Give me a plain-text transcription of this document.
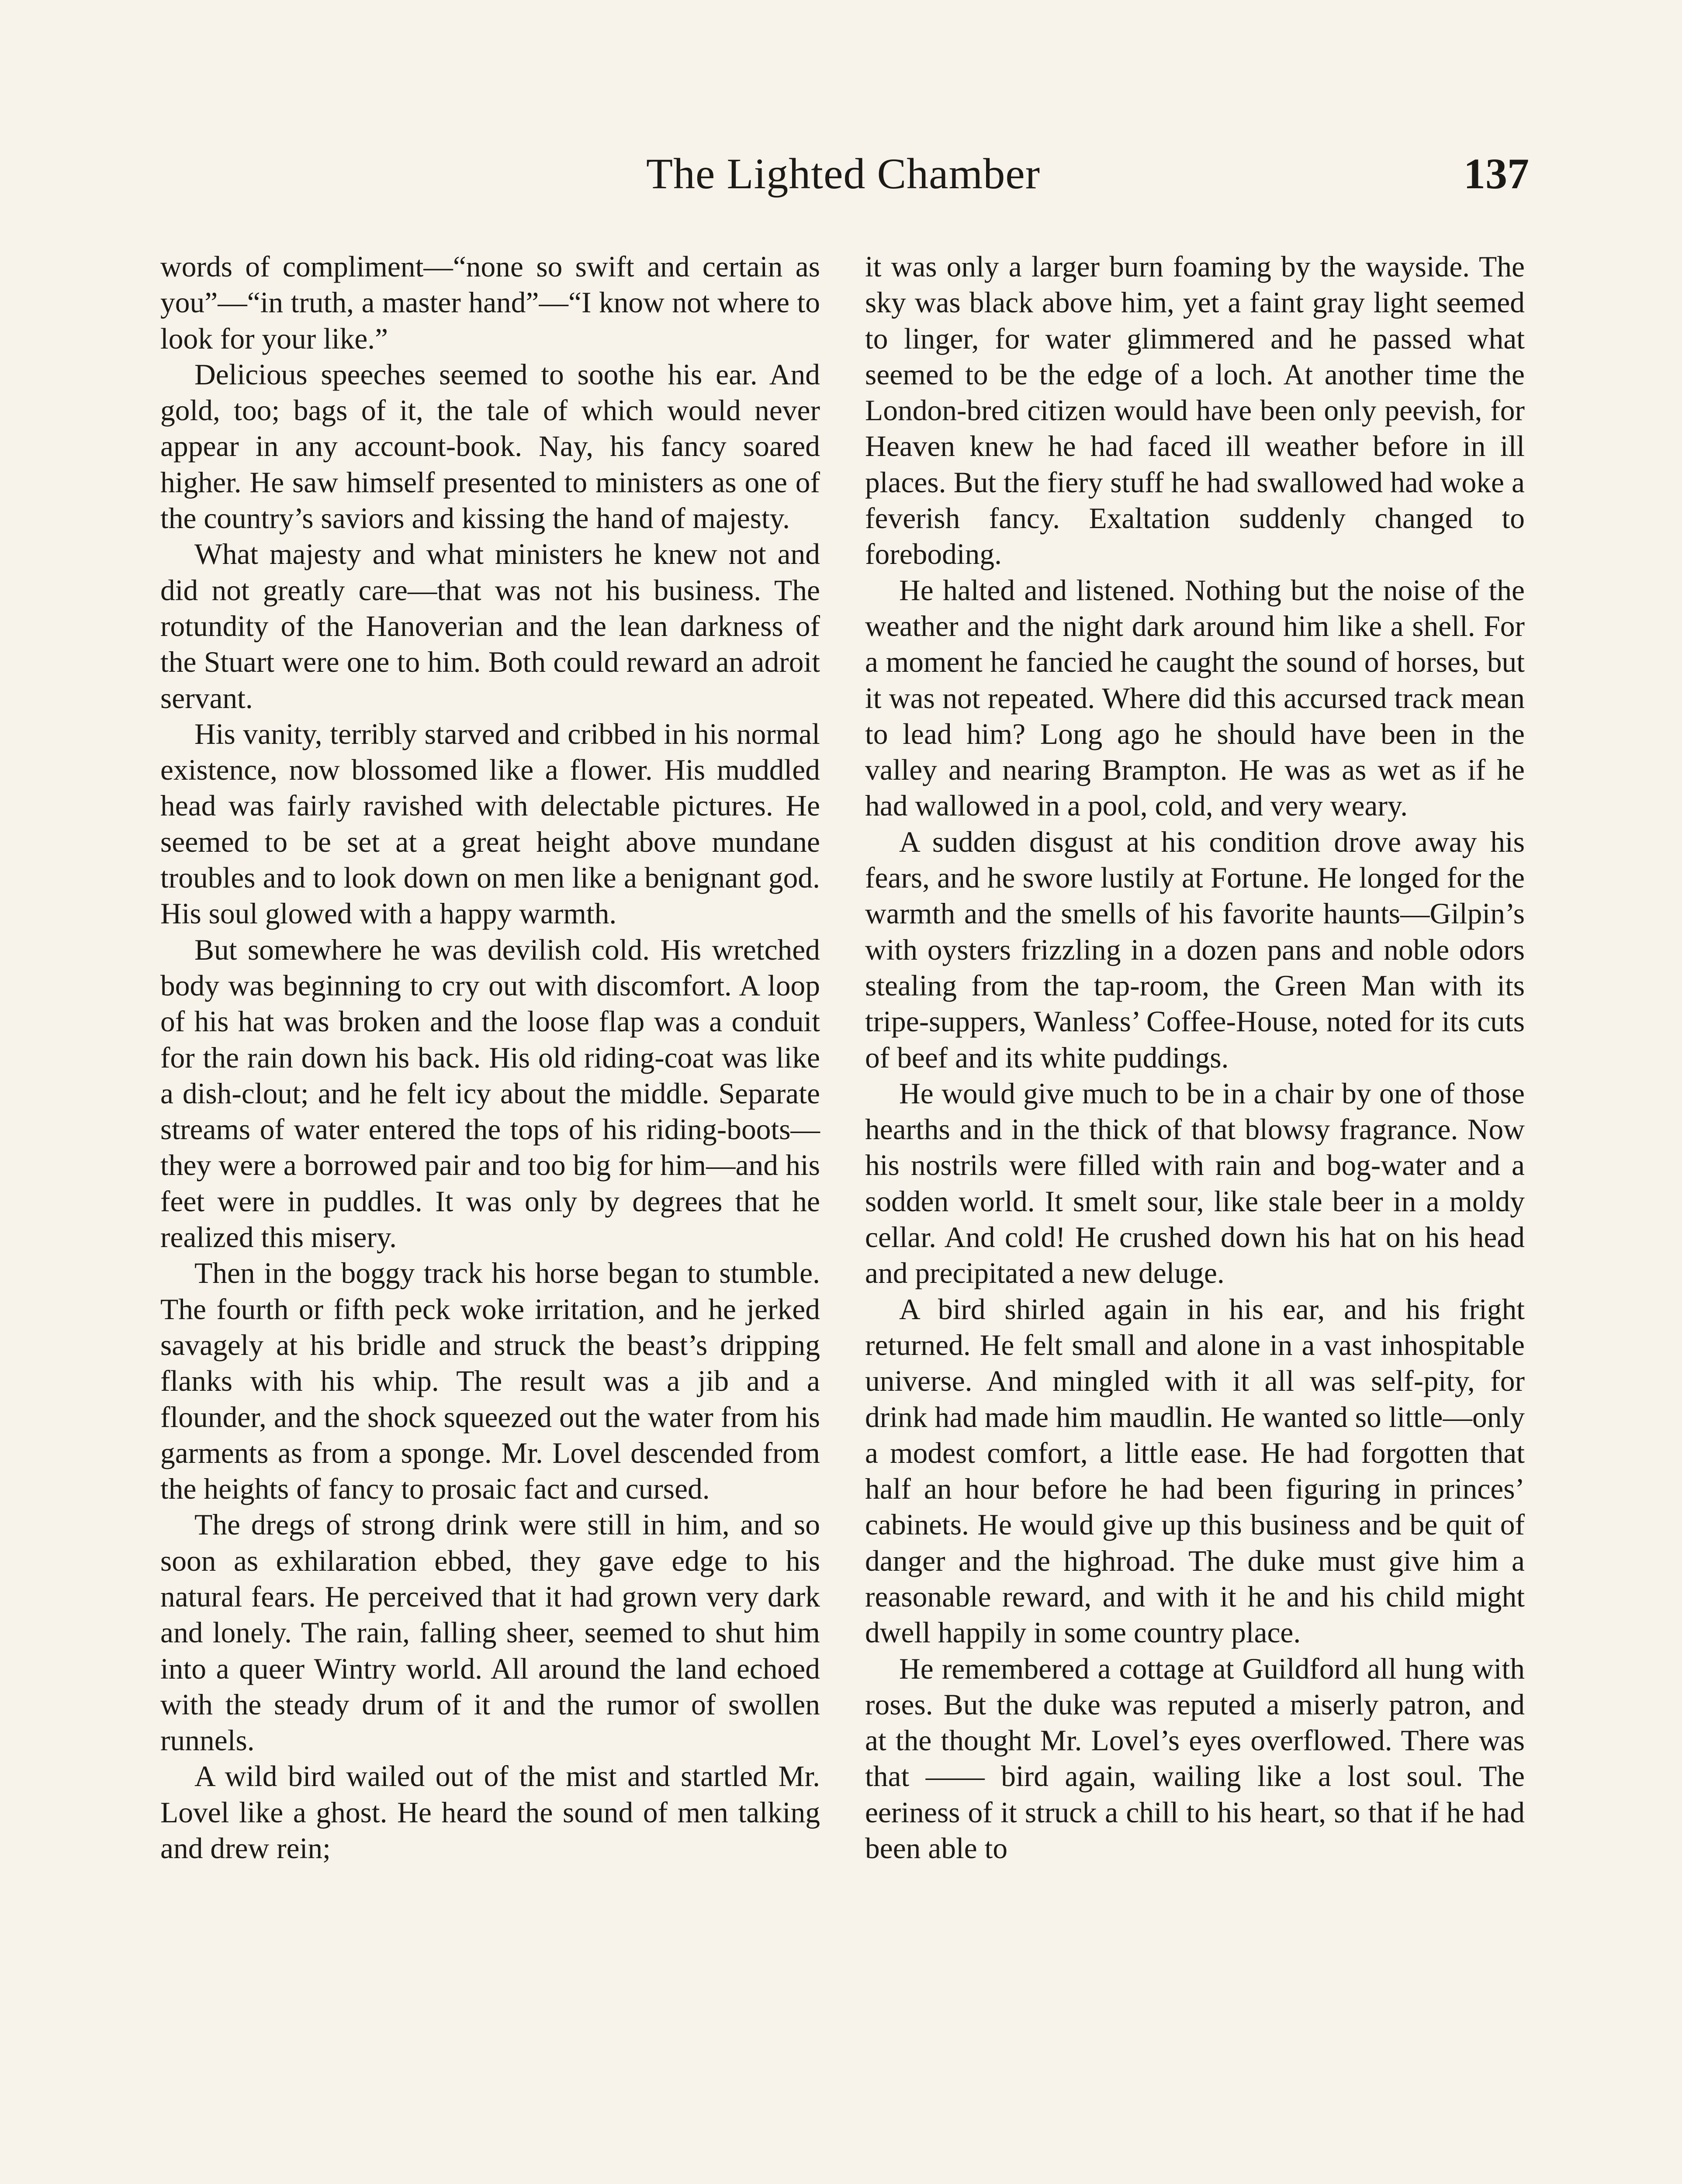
The Lighted Chamber	137

words of compliment—“none so swift and certain as you”—“in truth, a master hand”—“I know not where to look for your like.”

Delicious speeches seemed to soothe his ear. And gold, too; bags of it, the tale of which would never appear in any account-book. Nay, his fancy soared higher. He saw himself presented to ministers as one of the country’s saviors and kissing the hand of majesty.

What majesty and what ministers he knew not and did not greatly care—that was not his business. The rotundity of the Hanoverian and the lean darkness of the Stuart were one to him. Both could reward an adroit servant.

His vanity, terribly starved and cribbed in his normal existence, now blossomed like a flower. His muddled head was fairly ravished with delectable pictures. He seemed to be set at a great height above mundane troubles and to look down on men like a benignant god. His soul glowed with a happy warmth.

But somewhere he was devilish cold. His wretched body was beginning to cry out with discomfort. A loop of his hat was broken and the loose flap was a conduit for the rain down his back. His old riding-coat was like a dish-clout; and he felt icy about the middle. Separate streams of water entered the tops of his riding-boots—they were a borrowed pair and too big for him—and his feet were in puddles. It was only by degrees that he realized this misery.

Then in the boggy track his horse began to stumble. The fourth or fifth peck woke irritation, and he jerked savagely at his bridle and struck the beast’s dripping flanks with his whip. The result was a jib and a flounder, and the shock squeezed out the water from his garments as from a sponge. Mr. Lovel descended from the heights of fancy to prosaic fact and cursed.

The dregs of strong drink were still in him, and so soon as exhilaration ebbed, they gave edge to his natural fears. He perceived that it had grown very dark and lonely. The rain, falling sheer, seemed to shut him into a queer Wintry world. All around the land echoed with the steady drum of it and the rumor of swollen runnels.

A wild bird wailed out of the mist and startled Mr. Lovel like a ghost. He heard the sound of men talking and drew rein;

it was only a larger burn foaming by the wayside. The sky was black above him, yet a faint gray light seemed to linger, for water glimmered and he passed what seemed to be the edge of a loch. At another time the London-bred citizen would have been only peevish, for Heaven knew he had faced ill weather before in ill places. But the fiery stuff he had swallowed had woke a feverish fancy. Exaltation suddenly changed to foreboding.

He halted and listened. Nothing but the noise of the weather and the night dark around him like a shell. For a moment he fancied he caught the sound of horses, but it was not repeated. Where did this accursed track mean to lead him? Long ago he should have been in the valley and nearing Brampton. He was as wet as if he had wallowed in a pool, cold, and very weary.

A sudden disgust at his condition drove away his fears, and he swore lustily at Fortune. He longed for the warmth and the smells of his favorite haunts—Gilpin’s with oysters frizzling in a dozen pans and noble odors stealing from the tap-room, the Green Man with its tripe-suppers, Wanless’ Coffee-House, noted for its cuts of beef and its white puddings.

He would give much to be in a chair by one of those hearths and in the thick of that blowsy fragrance. Now his nostrils were filled with rain and bog-water and a sodden world. It smelt sour, like stale beer in a moldy cellar. And cold! He crushed down his hat on his head and precipitated a new deluge.

A bird shirled again in his ear, and his fright returned. He felt small and alone in a vast inhospitable universe. And mingled with it all was self-pity, for drink had made him maudlin. He wanted so little—only a modest comfort, a little ease. He had forgotten that half an hour before he had been figuring in princes’ cabinets. He would give up this business and be quit of danger and the highroad. The duke must give him a reasonable reward, and with it he and his child might dwell happily in some country place.

He remembered a cottage at Guildford all hung with roses. But the duke was reputed a miserly patron, and at the thought Mr. Lovel’s eyes overflowed. There was that —— bird again, wailing like a lost soul. The eeriness of it struck a chill to his heart, so that if he had been able to
